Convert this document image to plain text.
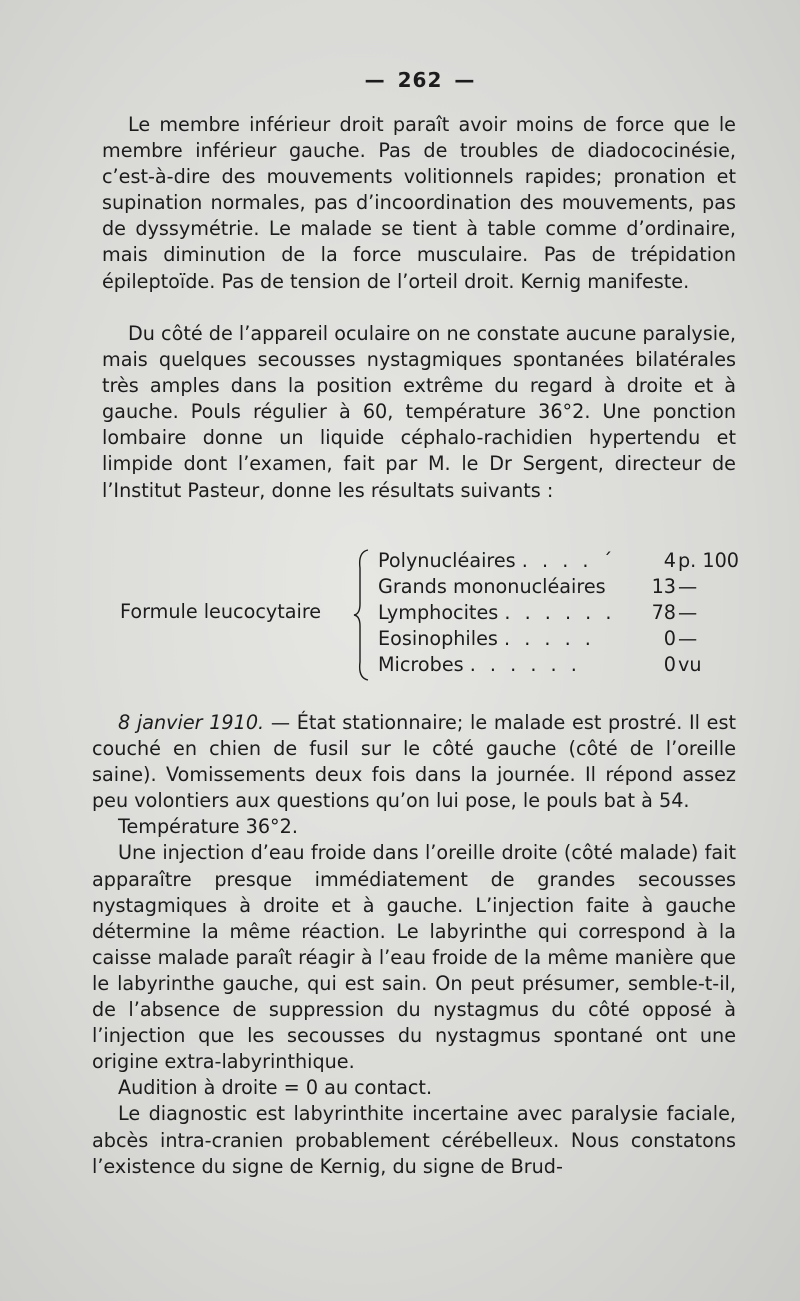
— 262 —

Le membre inférieur droit paraît avoir moins de force que le membre inférieur gauche. Pas de troubles de diadococinésie, c’est-à-dire des mouvements volitionnels rapides; pronation et supination normales, pas d’incoordination des mouvements, pas de dyssymétrie. Le malade se tient à table comme d’ordinaire, mais diminution de la force musculaire. Pas de trépidation épileptoïde. Pas de tension de l’orteil droit. Kernig manifeste.

Du côté de l’appareil oculaire on ne constate aucune paralysie, mais quelques secousses nystagmiques spontanées bilatérales très amples dans la position extrême du regard à droite et à gauche. Pouls régulier à 60, température 36°2. Une ponction lombaire donne un liquide céphalo-rachidien hypertendu et limpide dont l’examen, fait par M. le Dr Sergent, directeur de l’Institut Pasteur, donne les résultats suivants :

Formule leucocytaire
Polynucléaires . . . . ´	4 p. 100
Grands mononucléaires 13 —
Lymphocites . . . . . . 78 —
Eosinophiles . . . . .	0 —
Microbes . . . . . .	0 vu

8 janvier 1910. — État stationnaire; le malade est prostré. Il est couché en chien de fusil sur le côté gauche (côté de l’oreille saine). Vomissements deux fois dans la journée. Il répond assez peu volontiers aux questions qu’on lui pose, le pouls bat à 54.

Température 36°2.

Une injection d’eau froide dans l’oreille droite (côté malade) fait apparaître presque immédiatement de grandes secousses nystagmiques à droite et à gauche. L’injection faite à gauche détermine la même réaction. Le labyrinthe qui correspond à la caisse malade paraît réagir à l’eau froide de la même manière que le labyrinthe gauche, qui est sain. On peut présumer, semble-t-il, de l’absence de suppression du nystagmus du côté opposé à l’injection que les secousses du nystagmus spontané ont une origine extra-labyrinthique.

Audition à droite = 0 au contact.

Le diagnostic est labyrinthite incertaine avec paralysie faciale, abcès intra-cranien probablement cérébelleux. Nous constatons l’existence du signe de Kernig, du signe de Brud-
